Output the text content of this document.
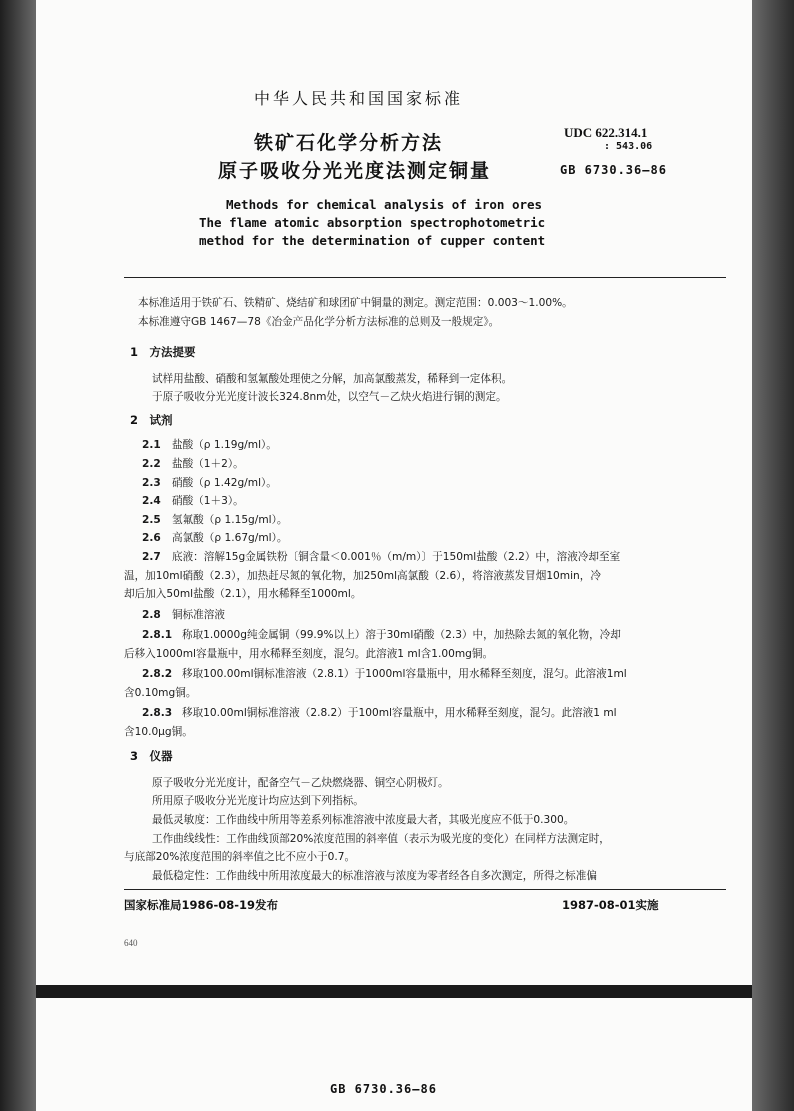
中华人民共和国国家标准
铁矿石化学分析方法
原子吸收分光光度法测定铜量
UDC 622.314.1
: 543.06
GB 6730.36—86
Methods for chemical analysis of iron ores
The flame atomic absorption spectrophotometric
method for the determination of cupper content
本标准适用于铁矿石、铁精矿、烧结矿和球团矿中铜量的测定。测定范围：0.003～1.00%。
本标准遵守GB 1467—78《冶金产品化学分析方法标准的总则及一般规定》。
1　方法提要
试样用盐酸、硝酸和氢氟酸处理使之分解，加高氯酸蒸发，稀释到一定体积。
于原子吸收分光光度计波长324.8nm处，以空气－乙炔火焰进行铜的测定。
2　试剂
2.1 盐酸（ρ 1.19g/ml）。
2.2 盐酸（1＋2）。
2.3 硝酸（ρ 1.42g/ml）。
2.4 硝酸（1＋3）。
2.5 氢氟酸（ρ 1.15g/ml）。
2.6 高氯酸（ρ 1.67g/ml）。
2.7 底液：溶解15g金属铁粉〔铜含量＜0.001％（m/m）〕于150ml盐酸（2.2）中，溶液冷却至室
温，加10ml硝酸（2.3），加热赶尽氮的氧化物，加250ml高氯酸（2.6），将溶液蒸发冒烟10min，冷
却后加入50ml盐酸（2.1），用水稀释至1000ml。
2.8 铜标准溶液
2.8.1 称取1.0000g纯金属铜（99.9%以上）溶于30ml硝酸（2.3）中，加热除去氮的氧化物，冷却
后移入1000ml容量瓶中，用水稀释至刻度，混匀。此溶液1 ml含1.00mg铜。
2.8.2 移取100.00ml铜标准溶液（2.8.1）于1000ml容量瓶中，用水稀释至刻度，混匀。此溶液1ml
含0.10mg铜。
2.8.3 移取10.00ml铜标准溶液（2.8.2）于100ml容量瓶中，用水稀释至刻度，混匀。此溶液1 ml
含10.0μg铜。
3　仪器
原子吸收分光光度计，配备空气－乙炔燃烧器、铜空心阴极灯。
所用原子吸收分光光度计均应达到下列指标。
最低灵敏度：工作曲线中所用等差系列标准溶液中浓度最大者，其吸光度应不低于0.300。
工作曲线线性：工作曲线顶部20%浓度范围的斜率值（表示为吸光度的变化）在同样方法测定时，
与底部20%浓度范围的斜率值之比不应小于0.7。
最低稳定性：工作曲线中所用浓度最大的标准溶液与浓度为零者经各自多次测定，所得之标准偏
国家标准局1986-08-19发布	1987-08-01实施
640
GB 6730.36—86
